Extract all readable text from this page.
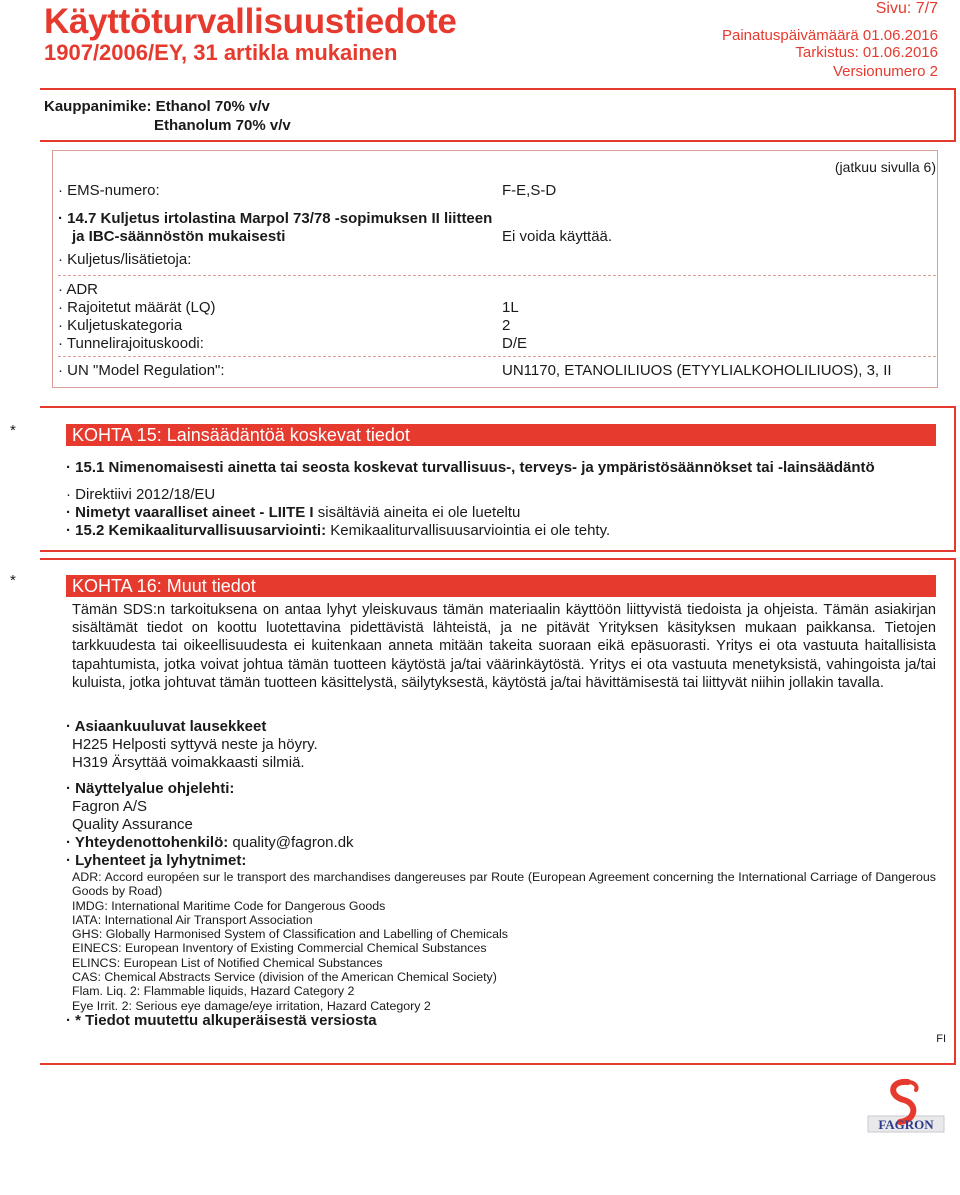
Käyttöturvallisuustiedote
1907/2006/EY, 31 artikla mukainen
Sivu: 7/7
Painatuspäivämäärä 01.06.2016
Tarkistus: 01.06.2016
Versionumero 2
Kauppanimike: Ethanol 70% v/v
Ethanolum 70% v/v
(jatkuu sivulla 6)
· EMS-numero:	F-E,S-D
· 14.7 Kuljetus irtolastina Marpol 73/78 -sopimuksen II liitteen
ja IBC-säännöstön mukaisesti	Ei voida käyttää.
· Kuljetus/lisätietoja:
· ADR
· Rajoitetut määrät (LQ)	1L
· Kuljetuskategoria	2
· Tunnelirajoituskoodi:	D/E
· UN "Model Regulation":	UN1170, ETANOLILIUOS (ETYYLIALKOHOLILIUOS), 3, II
*	KOHTA 15: Lainsäädäntöä koskevat tiedot
· 15.1 Nimenomaisesti ainetta tai seosta koskevat turvallisuus-, terveys- ja ympäristösäännökset tai -lainsäädäntö
· Direktiivi 2012/18/EU
· Nimetyt vaaralliset aineet - LIITE I sisältäviä aineita ei ole lueteltu
· 15.2 Kemikaaliturvallisuusarviointi: Kemikaaliturvallisuusarviointia ei ole tehty.
*	KOHTA 16: Muut tiedot
Tämän SDS:n tarkoituksena on antaa lyhyt yleiskuvaus tämän materiaalin käyttöön liittyvistä tiedoista ja ohjeista. Tämän asiakirjan sisältämät tiedot on koottu luotettavina pidettävistä lähteistä, ja ne pitävät Yrityksen käsityksen mukaan paikkansa. Tietojen tarkkuudesta tai oikeellisuudesta ei kuitenkaan anneta mitään takeita suoraan eikä epäsuorasti. Yritys ei ota vastuuta haitallisista tapahtumista, jotka voivat johtua tämän tuotteen käytöstä ja/tai väärinkäytöstä. Yritys ei ota vastuuta menetyksistä, vahingoista ja/tai kuluista, jotka johtuvat tämän tuotteen käsittelystä, säilytyksestä, käytöstä ja/tai hävittämisestä tai liittyvät niihin jollakin tavalla.
· Asiaankuuluvat lausekkeet
H225 Helposti syttyvä neste ja höyry.
H319 Ärsyttää voimakkaasti silmiä.
· Näyttelyalue ohjelehti:
Fagron A/S
Quality Assurance
· Yhteydenottohenkilö: quality@fagron.dk
· Lyhenteet ja lyhytnimet:
ADR: Accord européen sur le transport des marchandises dangereuses par Route (European Agreement concerning the International Carriage of Dangerous Goods by Road)
IMDG: International Maritime Code for Dangerous Goods
IATA: International Air Transport Association
GHS: Globally Harmonised System of Classification and Labelling of Chemicals
EINECS: European Inventory of Existing Commercial Chemical Substances
ELINCS: European List of Notified Chemical Substances
CAS: Chemical Abstracts Service (division of the American Chemical Society)
Flam. Liq. 2: Flammable liquids, Hazard Category 2
Eye Irrit. 2: Serious eye damage/eye irritation, Hazard Category 2
· * Tiedot muutettu alkuperäisestä versiosta
FI
FAGRON
